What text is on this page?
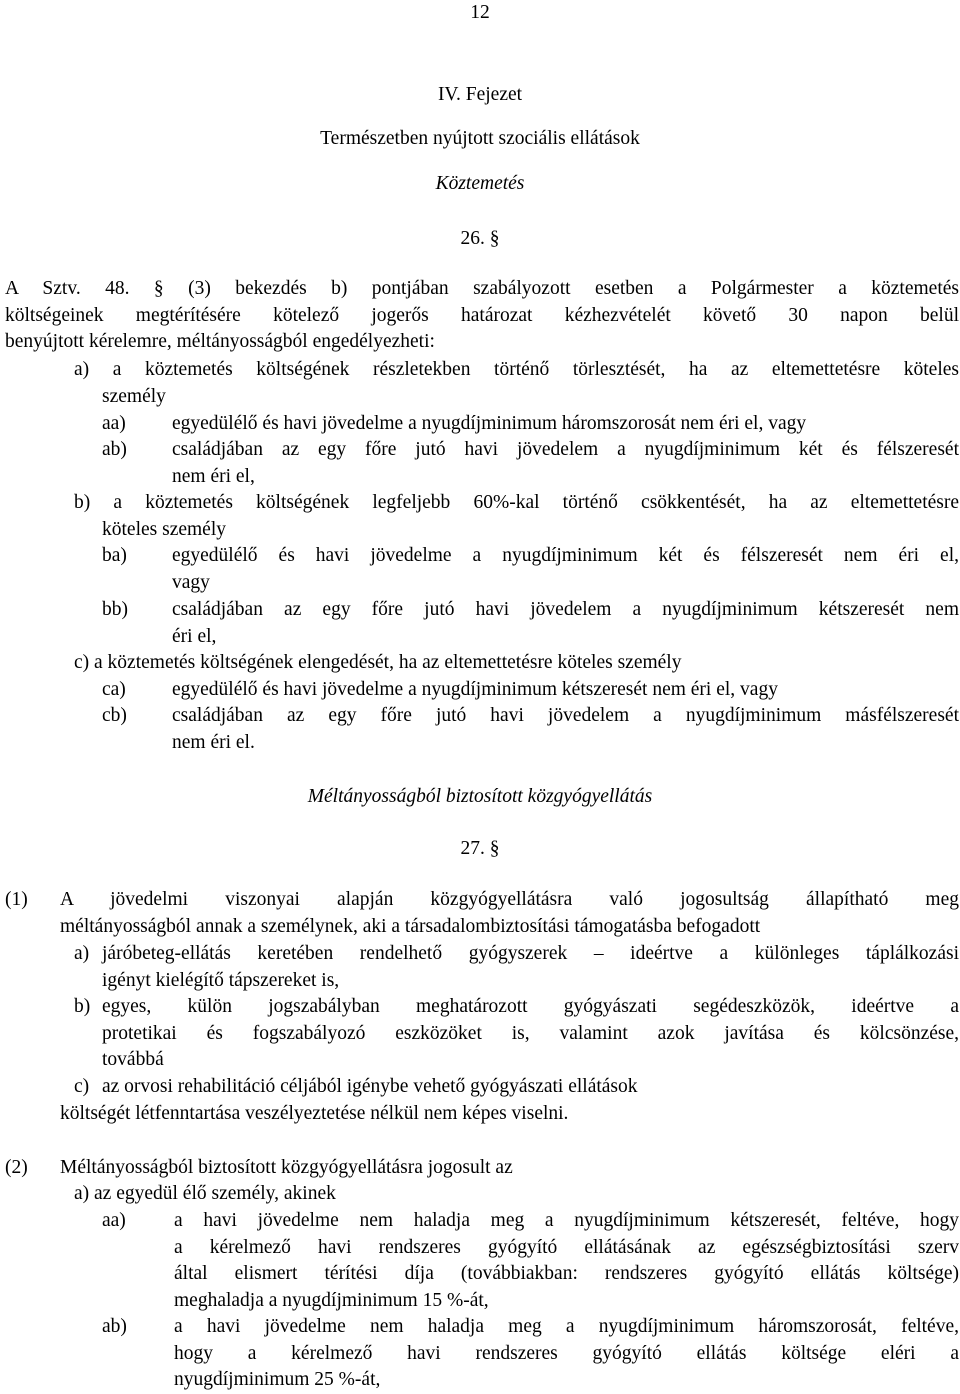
12
IV. Fejezet
Természetben nyújtott szociális ellátások
Köztemetés
26. §
A Sztv. 48. § (3) bekezdés b) pontjában szabályozott esetben a Polgármester a köztemetés
költségeinek megtérítésére kötelező jogerős határozat kézhezvételét követő 30 napon belül
benyújtott kérelemre, méltányosságból engedélyezheti:
a) a köztemetés költségének részletekben történő törlesztését, ha az eltemettetésre köteles
személy
aa)	egyedülélő és havi jövedelme a nyugdíjminimum háromszorosát nem éri el, vagy
ab)	családjában az egy főre jutó havi jövedelem a nyugdíjminimum két és félszeresét
nem éri el,
b) a köztemetés költségének legfeljebb 60%-kal történő csökkentését, ha az eltemettetésre
köteles személy
ba)	egyedülélő és havi jövedelme a nyugdíjminimum két és félszeresét nem éri el,
vagy
bb)	családjában az egy főre jutó havi jövedelem a nyugdíjminimum kétszeresét nem
éri el,
c) a köztemetés költségének elengedését, ha az eltemettetésre köteles személy
ca)	egyedülélő és havi jövedelme a nyugdíjminimum kétszeresét nem éri el, vagy
cb)	családjában az egy főre jutó havi jövedelem a nyugdíjminimum másfélszeresét
nem éri el.
Méltányosságból biztosított közgyógyellátás
27. §
(1)	A jövedelmi viszonyai alapján közgyógyellátásra való jogosultság állapítható meg
méltányosságból annak a személynek, aki a társadalombiztosítási támogatásba befogadott
a) járóbeteg-ellátás keretében rendelhető gyógyszerek – ideértve a különleges táplálkozási
igényt kielégítő tápszereket is,
b) egyes, külön jogszabályban meghatározott gyógyászati segédeszközök, ideértve a
protetikai és fogszabályozó eszközöket is, valamint azok javítása és kölcsönzése,
továbbá
c) az orvosi rehabilitáció céljából igénybe vehető gyógyászati ellátások
költségét létfenntartása veszélyeztetése nélkül nem képes viselni.
(2)	Méltányosságból biztosított közgyógyellátásra jogosult az
a) az egyedül élő személy, akinek
aa)	a havi jövedelme nem haladja meg a nyugdíjminimum kétszeresét, feltéve, hogy
a kérelmező havi rendszeres gyógyító ellátásának az egészségbiztosítási szerv
által elismert térítési díja (továbbiakban: rendszeres gyógyító ellátás költsége)
meghaladja a nyugdíjminimum 15 %-át,
ab)	a havi jövedelme nem haladja meg a nyugdíjminimum háromszorosát, feltéve,
hogy a kérelmező havi rendszeres gyógyító ellátás költsége eléri a
nyugdíjminimum 25 %-át,
